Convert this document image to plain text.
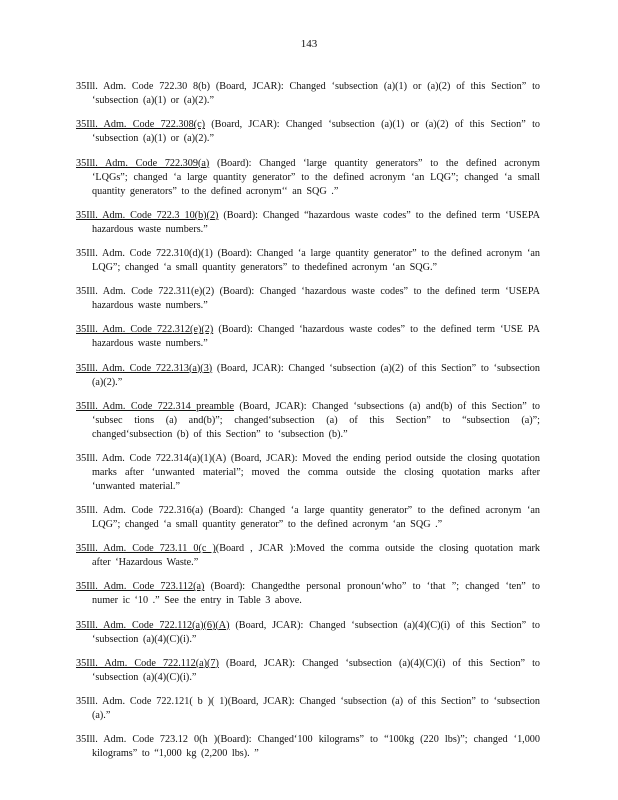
143

35Ill. Adm. Code 722.30 8(b) (Board, JCAR): Changed ‘subsection (a)(1) or (a)(2) of this Section” to ‘subsection (a)(1) or (a)(2).”

35Ill. Adm. Code 722.308(c) (Board, JCAR): Changed ‘subsection (a)(1) or (a)(2) of this Section” to ‘subsection (a)(1) or (a)(2).”

35Ill. Adm. Code 722.309(a) (Board): Changed ‘large quantity generators” to the defined acronym ‘LQGs”; changed ‘a large quantity generator” to the defined acronym ‘an LQG”; changed ‘a small quantity generators” to the defined acronym‘‘ an SQG .”

35Ill. Adm. Code 722.3 10(b)(2) (Board): Changed “hazardous waste codes” to the defined term ‘USEPA hazardous waste numbers.”

35Ill. Adm. Code 722.310(d)(1) (Board): Changed ‘a large quantity generator” to the defined acronym ‘an LQG”; changed ‘a small quantity generators” to thedefined acronym ‘an SQG.”

35Ill. Adm. Code 722.311(e)(2) (Board): Changed ‘hazardous waste codes” to the defined term ‘USEPA hazardous waste numbers.”

35Ill. Adm. Code 722.312(e)(2) (Board): Changed ‘hazardous waste codes” to the defined term ‘USE PA hazardous waste numbers.”

35Ill. Adm. Code 722.313(a)(3) (Board, JCAR): Changed ‘subsection (a)(2) of this Section” to ‘subsection (a)(2).”

35Ill. Adm. Code 722.314 preamble (Board, JCAR): Changed ‘subsections (a) and(b) of this Section” to ‘subsec tions (a) and(b)”; changed‘subsection (a) of this Section” to “subsection (a)”; changed‘subsection (b) of this Section” to ‘subsection (b).”

35Ill. Adm. Code 722.314(a)(1)(A) (Board, JCAR): Moved the ending period outside the closing quotation marks after ‘unwanted material”; moved the comma outside the closing quotation marks after ‘unwanted material.”

35Ill. Adm. Code 722.316(a) (Board): Changed ‘a large quantity generator” to the defined acronym ‘an LQG”; changed ‘a small quantity generator” to the defined acronym ‘an SQG .”

35Ill. Adm. Code 723.11 0(c )(Board , JCAR ):Moved the comma outside the closing quotation mark after ‘Hazardous Waste.”

35Ill. Adm. Code 723.112(a) (Board): Changedthe personal pronoun‘who” to ‘that ”; changed ‘ten” to numer ic ‘10 .” See the entry in Table 3 above.

35Ill. Adm. Code 722.112(a)(6)(A) (Board, JCAR): Changed ‘subsection (a)(4)(C)(i) of this Section” to ‘subsection (a)(4)(C)(i).”

35Ill. Adm. Code 722.112(a)(7) (Board, JCAR): Changed ‘subsection (a)(4)(C)(i) of this Section” to ‘subsection (a)(4)(C)(i).”

35Ill. Adm. Code 722.121( b )( 1)(Board, JCAR): Changed ‘subsection (a) of this Section” to ‘subsection (a).”

35Ill. Adm. Code 723.12 0(h )(Board): Changed‘100 kilograms” to “100kg (220 lbs)”; changed ‘1,000 kilograms” to “1,000 kg (2,200 lbs). ”
